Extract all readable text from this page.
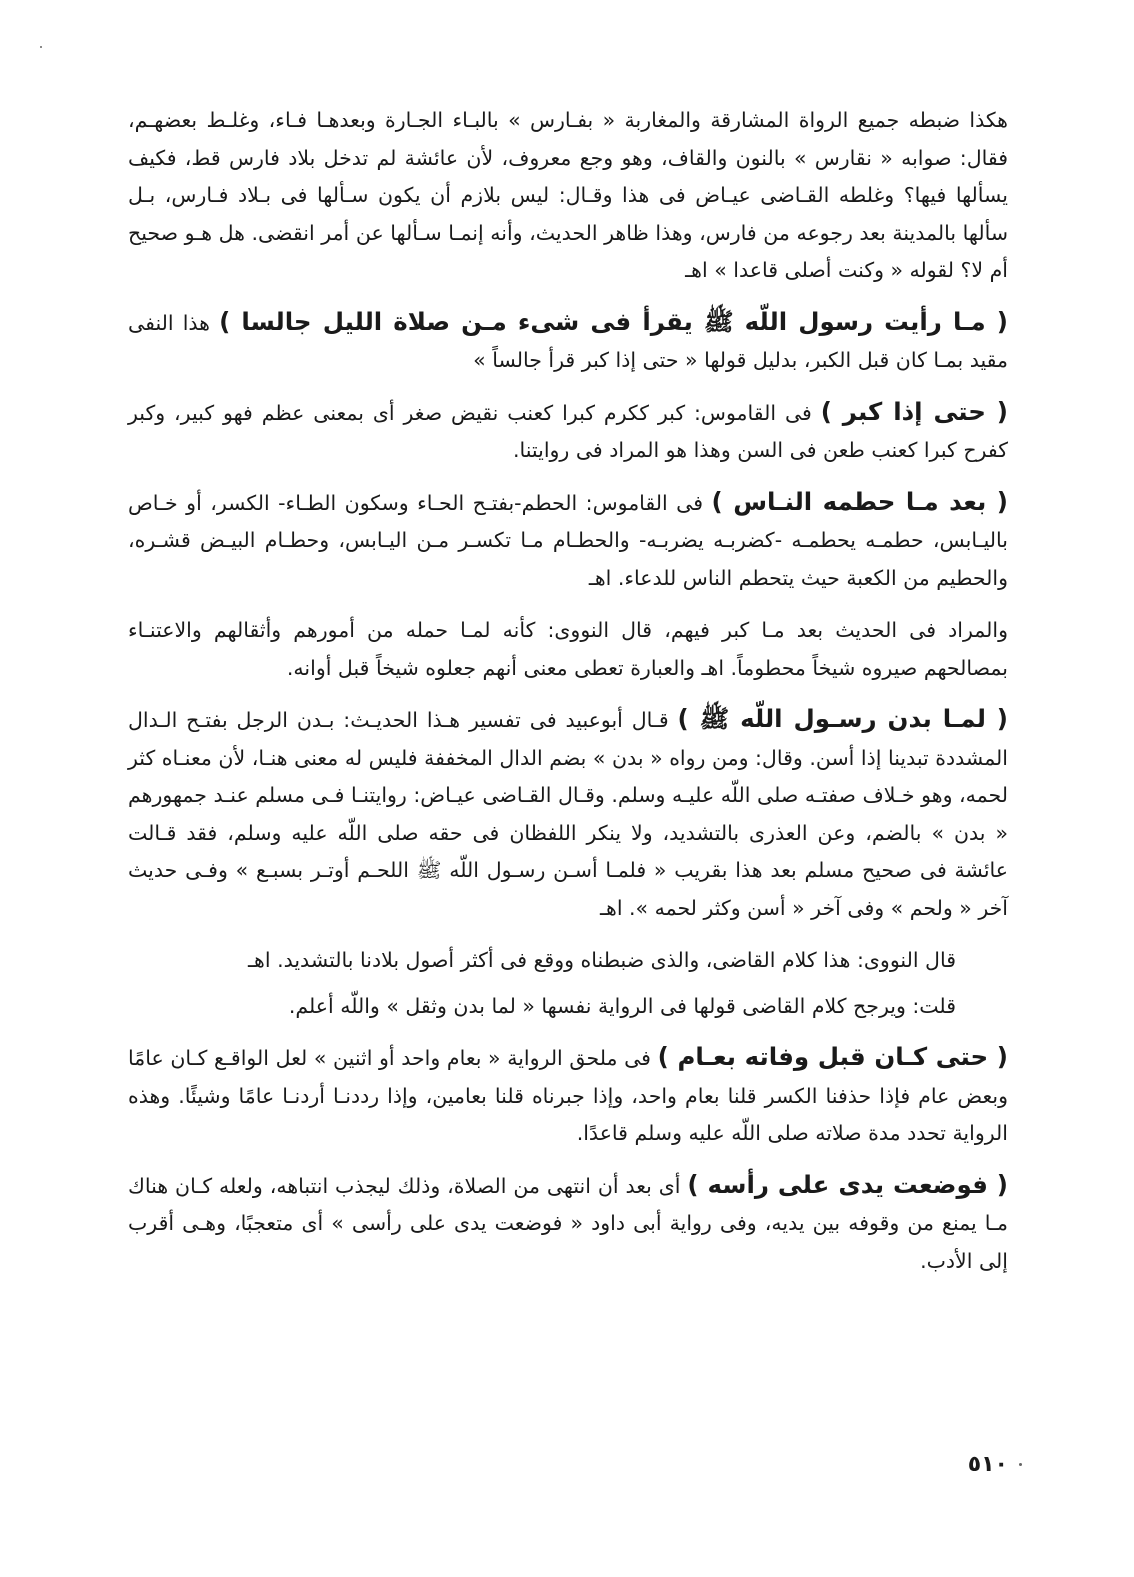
هكذا ضبطه جميع الرواة المشارقة والمغاربة « بفـارس » بالبـاء الجـارة وبعدهـا فـاء، وغلـط بعضهـم، فقال: صوابه « نقارس » بالنون والقاف، وهو وجع معروف، لأن عائشة لم تدخل بلاد فارس قط، فكيف يسألها فيها؟ وغلطه القـاضى عيـاض فى هذا وقـال: ليس بلازم أن يكون سـألها فى بـلاد فـارس، بـل سألها بالمدينة بعد رجوعه من فارس، وهذا ظاهر الحديث، وأنه إنمـا سـألها عن أمر انقضى. هل هـو صحيح أم لا؟ لقوله « وكنت أصلى قاعدا » اهـ

( مـا رأيت رسول اللّه ﷺ يقرأ فى شىء مـن صلاة الليل جالسا ) هذا النفى مقيد بمـا كان قبل الكبر، بدليل قولها « حتى إذا كبر قرأ جالساً »

( حتى إذا كبر ) فى القاموس: كبر ككرم كبرا كعنب نقيض صغر أى بمعنى عظم فهو كبير، وكبر كفرح كبرا كعنب طعن فى السن وهذا هو المراد فى روايتنا.

( بعد مـا حطمه النـاس ) فى القاموس: الحطم-بفتـح الحـاء وسكون الطـاء- الكسر، أو خـاص باليـابس، حطمـه يحطمـه -كضربـه يضربـه- والحطـام مـا تكسـر مـن اليـابس، وحطـام البيـض قشـره، والحطيم من الكعبة حيث يتحطم الناس للدعاء. اهـ

والمراد فى الحديث بعد مـا كبر فيهم، قال النووى: كأنه لمـا حمله من أمورهم وأثقالهم والاعتنـاء بمصالحهم صيروه شيخاً محطوماً. اهـ والعبارة تعطى معنى أنهم جعلوه شيخاً قبل أوانه.

( لمـا بدن رسـول اللّه ﷺ ) قـال أبوعبيد فى تفسير هـذا الحديـث: بـدن الرجل بفتـح الـدال المشددة تبدينا إذا أسن. وقال: ومن رواه « بدن » بضم الدال المخففة فليس له معنى هنـا، لأن معنـاه كثر لحمه، وهو خـلاف صفتـه صلى اللّه عليـه وسلم. وقـال القـاضى عيـاض: روايتنـا فـى مسلم عنـد جمهورهم « بدن » بالضم، وعن العذرى بالتشديد، ولا ينكر اللفظان فى حقه صلى اللّه عليه وسلم، فقد قـالت عائشة فى صحيح مسلم بعد هذا بقريب « فلمـا أسـن رسـول اللّه ﷺ اللحـم أوتـر بسبـع » وفـى حديث آخر « ولحم » وفى آخر « أسن وكثر لحمه ». اهـ

قال النووى: هذا كلام القاضى، والذى ضبطناه ووقع فى أكثر أصول بلادنا بالتشديد. اهـ

قلت: ويرجح كلام القاضى قولها فى الرواية نفسها « لما بدن وثقل » واللّه أعلم.

( حتى كـان قبل وفاته بعـام ) فى ملحق الرواية « بعام واحد أو اثنين » لعل الواقـع كـان عامًا وبعض عام فإذا حذفنا الكسر قلنا بعام واحد، وإذا جبرناه قلنا بعامين، وإذا رددنـا أردنـا عامًا وشيئًا. وهذه الرواية تحدد مدة صلاته صلى اللّه عليه وسلم قاعدًا.

( فوضعت يدى على رأسه ) أى بعد أن انتهى من الصلاة، وذلك ليجذب انتباهه، ولعله كـان هناك مـا يمنع من وقوفه بين يديه، وفى رواية أبى داود « فوضعت يدى على رأسى » أى متعجبًا، وهـى أقرب إلى الأدب.

٥١٠
